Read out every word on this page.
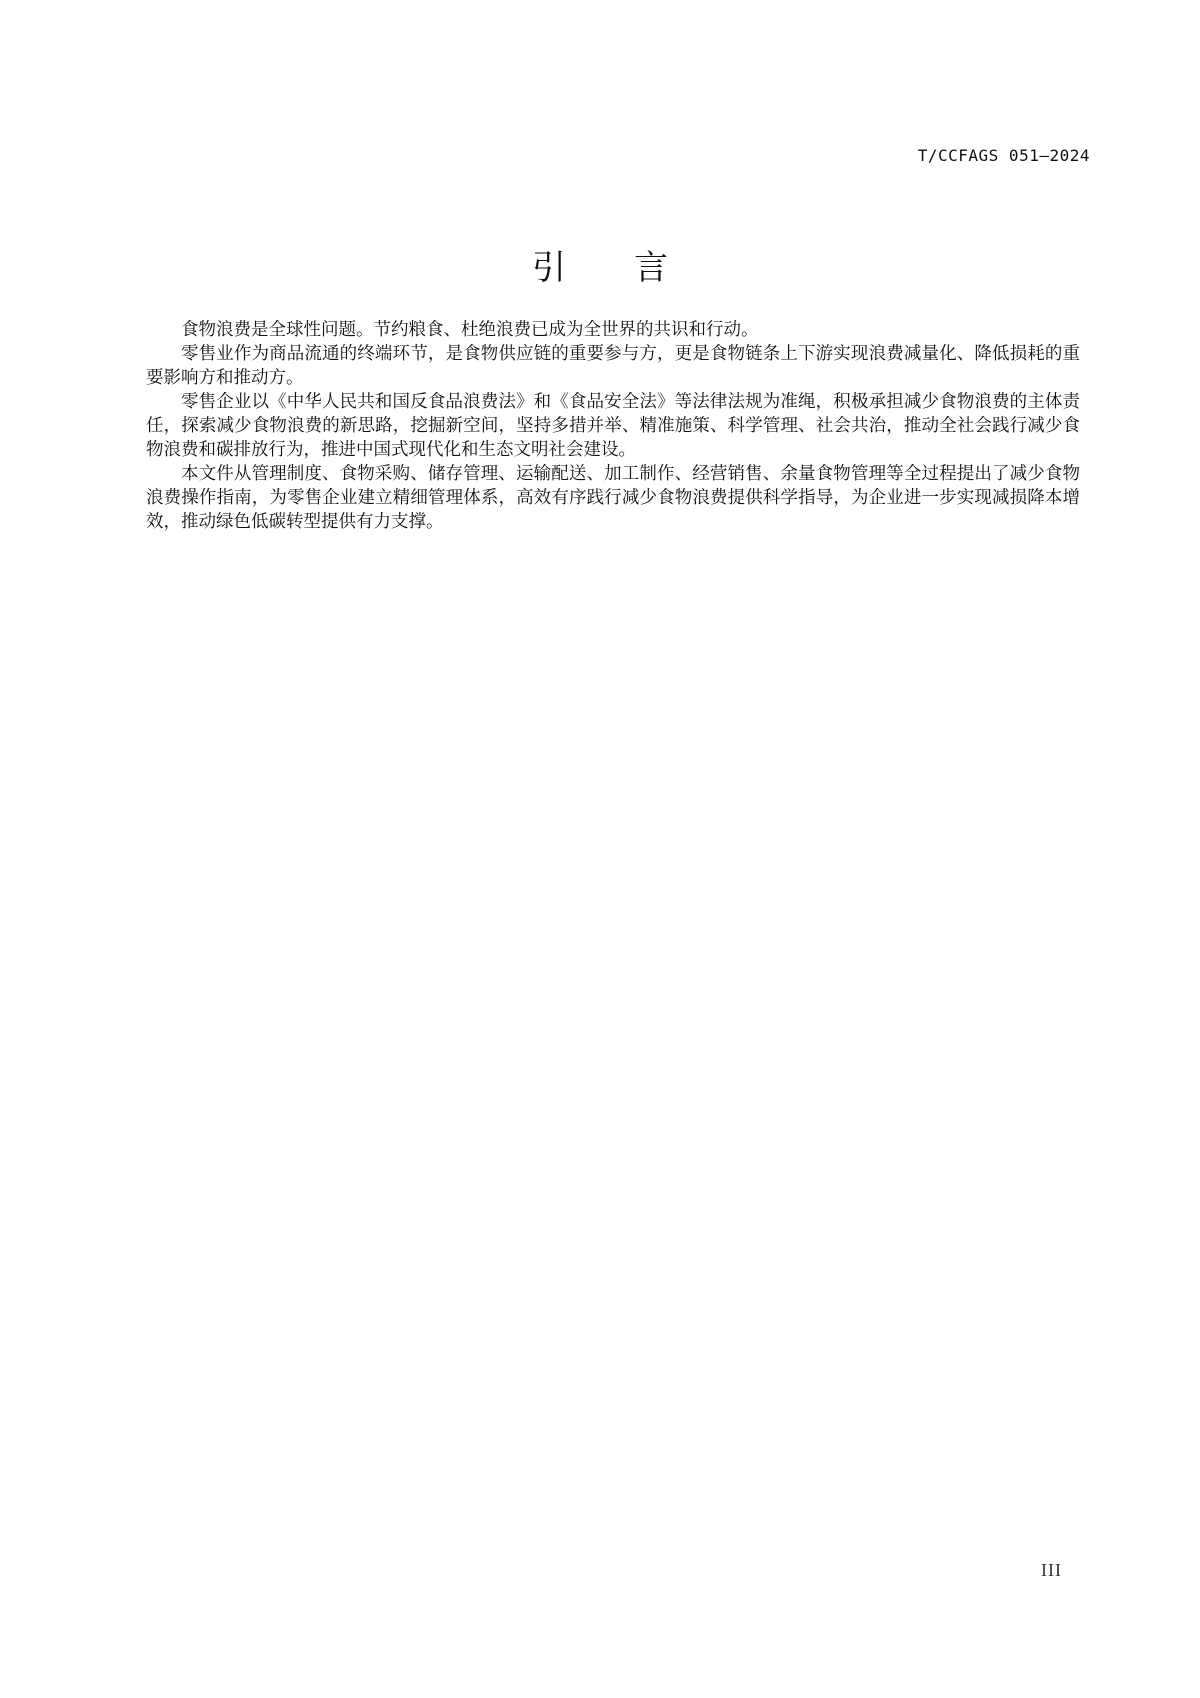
T/CCFAGS 051—2024
引　　言

食物浪费是全球性问题。节约粮食、杜绝浪费已成为全世界的共识和行动。

零售业作为商品流通的终端环节，是食物供应链的重要参与方，更是食物链条上下游实现浪费减量化、降低损耗的重要影响方和推动方。

零售企业以《中华人民共和国反食品浪费法》和《食品安全法》等法律法规为准绳，积极承担减少食物浪费的主体责任，探索减少食物浪费的新思路，挖掘新空间，坚持多措并举、精准施策、科学管理、社会共治，推动全社会践行减少食物浪费和碳排放行为，推进中国式现代化和生态文明社会建设。

本文件从管理制度、食物采购、储存管理、运输配送、加工制作、经营销售、余量食物管理等全过程提出了减少食物浪费操作指南，为零售企业建立精细管理体系，高效有序践行减少食物浪费提供科学指导，为企业进一步实现减损降本增效，推动绿色低碳转型提供有力支撑。

III
